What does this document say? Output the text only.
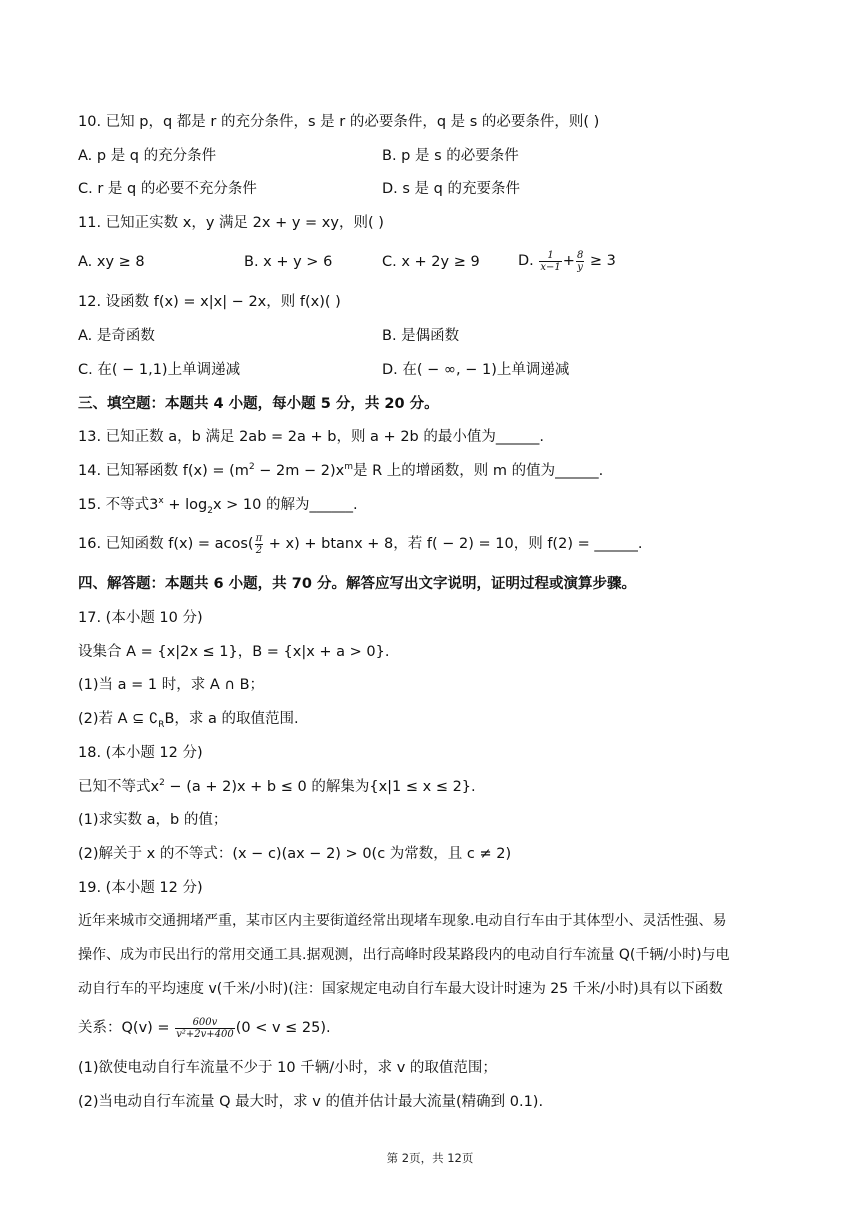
10. 已知 p，q 都是 r 的充分条件，s 是 r 的必要条件，q 是 s 的必要条件，则( )
A. p 是 q 的充分条件	B. p 是 s 的必要条件
C. r 是 q 的必要不充分条件	D. s 是 q 的充要条件
11. 已知正实数 x，y 满足 2x + y = xy，则( )
A. xy ≥ 8	B. x + y > 6	C. x + 2y ≥ 9	D. $\frac{1}{x-1} + \frac{8}{y} \ge 3$
12. 设函数 f(x) = x|x| − 2x，则 f(x)( )
A. 是奇函数	B. 是偶函数
C. 在( − 1,1)上单调递减	D. 在( − ∞, − 1)上单调递减
三、填空题：本题共 4 小题，每小题 5 分，共 20 分。
13. 已知正数 a，b 满足 2ab = 2a + b，则 a + 2b 的最小值为______.
14. 已知幂函数 $f(x) = (m^2 - 2m - 2)x^m$是 R 上的增函数，则 m 的值为______.
15. 不等式$3^x + \log_2x > 10$ 的解为______.
16. 已知函数 $f(x) = acos( \frac{\pi}{2} + x) + btanx + 8$，若 f( − 2) = 10，则 f(2) = ______.
四、解答题：本题共 6 小题，共 70 分。解答应写出文字说明，证明过程或演算步骤。
17. (本小题 10 分)
设集合 A = {x|2x ≤ 1}，B = {x|x + a > 0}.
(1)当 a = 1 时，求 A ∩ B；
(2)若 A ⊆ $∁_RB$，求 a 的取值范围.
18. (本小题 12 分)
已知不等式$x^2 - (a + 2)x + b \le 0$ 的解集为{x|1 ≤ x ≤ 2}.
(1)求实数 a，b 的值；
(2)解关于 x 的不等式：(x − c)(ax − 2) > 0(c 为常数，且 c ≠ 2)
19. (本小题 12 分)
近年来城市交通拥堵严重，某市区内主要街道经常出现堵车现象.电动自行车由于其体型小、灵活性强、易
操作、成为市民出行的常用交通工具.据观测，出行高峰时段某路段内的电动自行车流量 Q(千辆/小时)与电
动自行车的平均速度 v(千米/小时)(注：国家规定电动自行车最大设计时速为 25 千米/小时)具有以下函数
关系：$Q(v) = \frac{600v}{\text{v²+2v+400}} (0 < v \le 25)$.
(1)欲使电动自行车流量不少于 10 千辆/小时，求 v 的取值范围；
(2)当电动自行车流量 Q 最大时，求 v 的值并估计最大流量(精确到 0.1).
第 2页，共 12页
